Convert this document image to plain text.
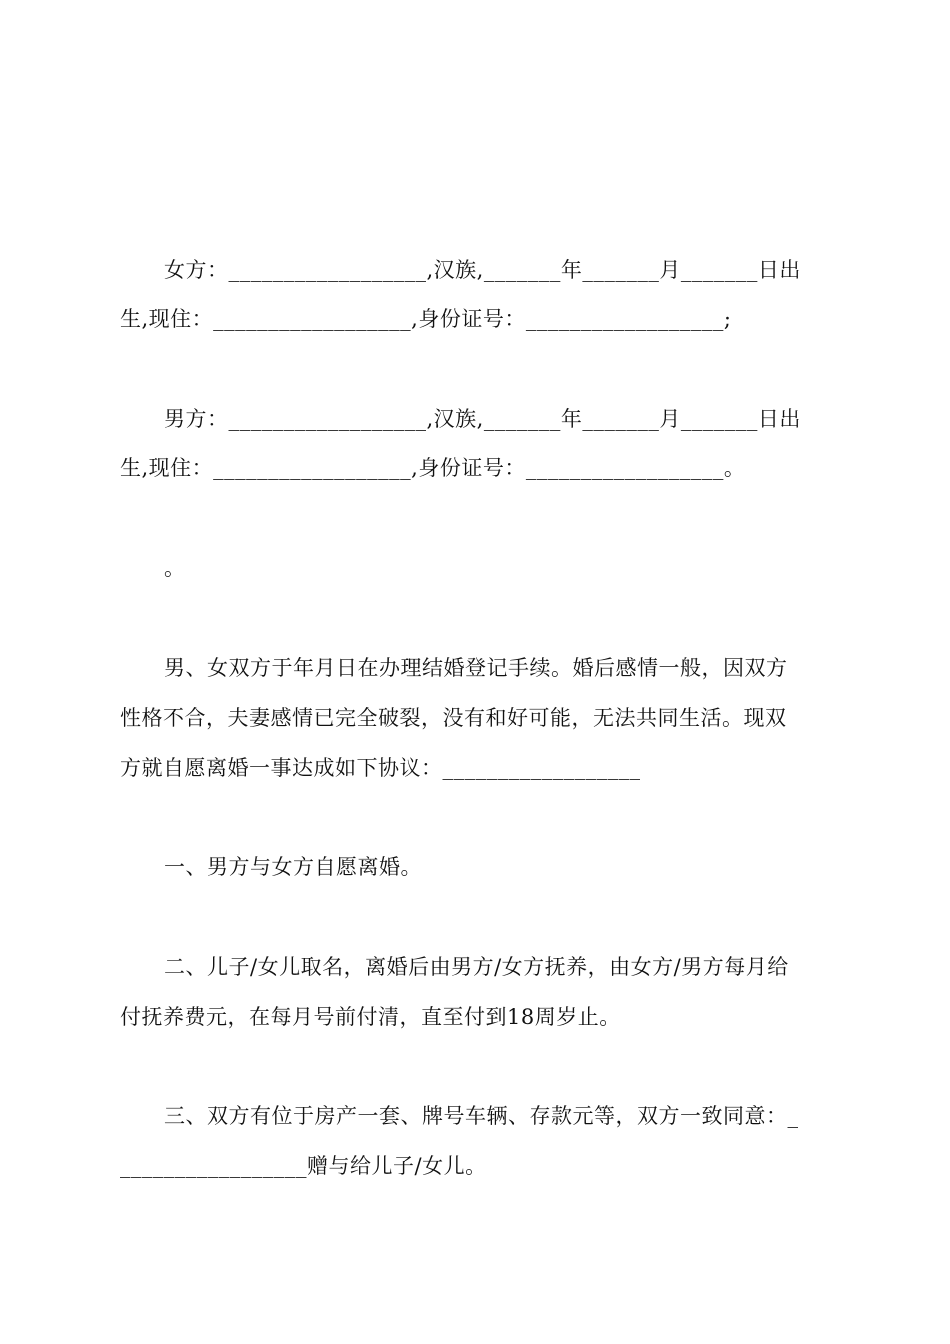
女方：__________________,汉族,_______年_______月_______日出
生,现住：__________________,身份证号：__________________;
男方：__________________,汉族,_______年_______月_______日出
生,现住：__________________,身份证号：__________________。
。
男、女双方于年月日在办理结婚登记手续。婚后感情一般，因双方
性格不合，夫妻感情已完全破裂，没有和好可能，无法共同生活。现双
方就自愿离婚一事达成如下协议：__________________
一、男方与女方自愿离婚。
二、儿子/女儿取名，离婚后由男方/女方抚养，由女方/男方每月给
付抚养费元，在每月号前付清，直至付到18周岁止。
三、双方有位于房产一套、牌号车辆、存款元等，双方一致同意：_
_________________赠与给儿子/女儿。
